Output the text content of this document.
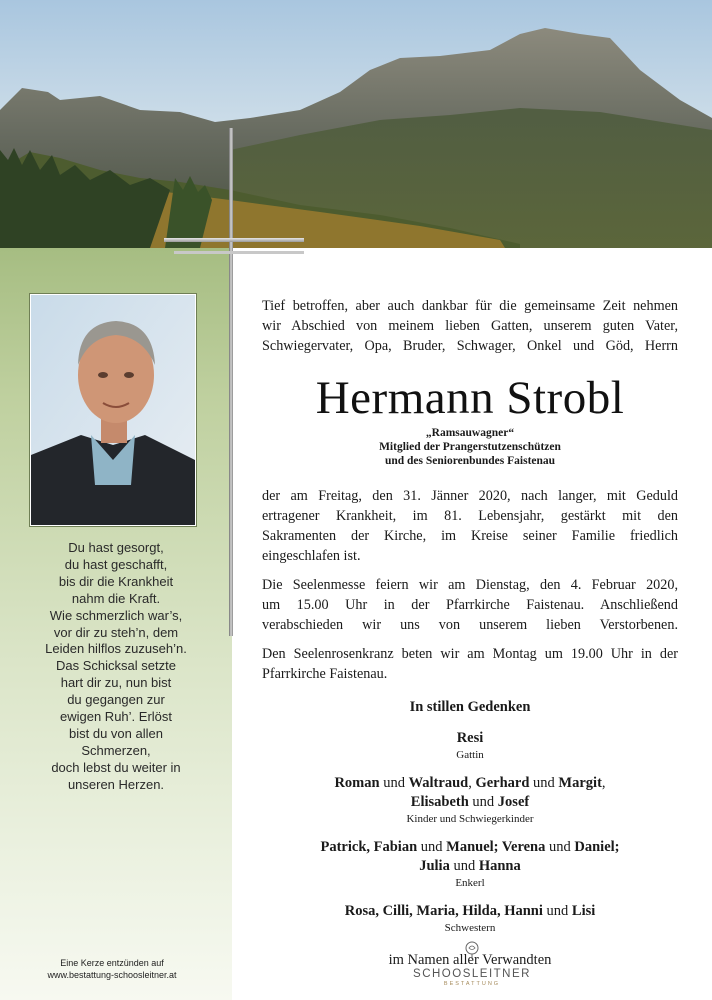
Du hast gesorgt,
du hast geschafft,
bis dir die Krankheit
nahm die Kraft.
Wie schmerzlich war’s,
vor dir zu steh’n, dem
Leiden hilflos zuzuseh’n.
Das Schicksal setzte
hart dir zu, nun bist
du gegangen zur
ewigen Ruh’. Erlöst
bist du von allen
Schmerzen,
doch lebst du weiter in
unseren Herzen.
Eine Kerze entzünden auf
www.bestattung-schoosleitner.at
Tief betroffen, aber auch dankbar für die gemeinsame Zeit nehmen
wir Abschied von meinem lieben Gatten, unserem guten Vater,
Schwiegervater, Opa, Bruder, Schwager, Onkel und Göd, Herrn
Hermann Strobl
„Ramsauwagner“
Mitglied der Prangerstutzenschützen
und des Seniorenbundes Faistenau
der am Freitag, den 31. Jänner 2020, nach langer, mit Geduld
ertragener Krankheit, im 81. Lebensjahr, gestärkt mit den
Sakramenten der Kirche, im Kreise seiner Familie friedlich
eingeschlafen ist.
Die Seelenmesse feiern wir am Dienstag, den 4. Februar 2020,
um 15.00 Uhr in der Pfarrkirche Faistenau. Anschließend
verabschieden wir uns von unserem lieben Verstorbenen.
Den Seelenrosenkranz beten wir am Montag um 19.00 Uhr in der
Pfarrkirche Faistenau.
In stillen Gedenken
Resi
Gattin
Roman und Waltraud, Gerhard und Margit,
Elisabeth und Josef
Kinder und Schwiegerkinder
Patrick, Fabian und Manuel; Verena und Daniel;
Julia und Hanna
Enkerl
Rosa, Cilli, Maria, Hilda, Hanni und Lisi
Schwestern
im Namen aller Verwandten
SCHOOSLEITNER
BESTATTUNG
